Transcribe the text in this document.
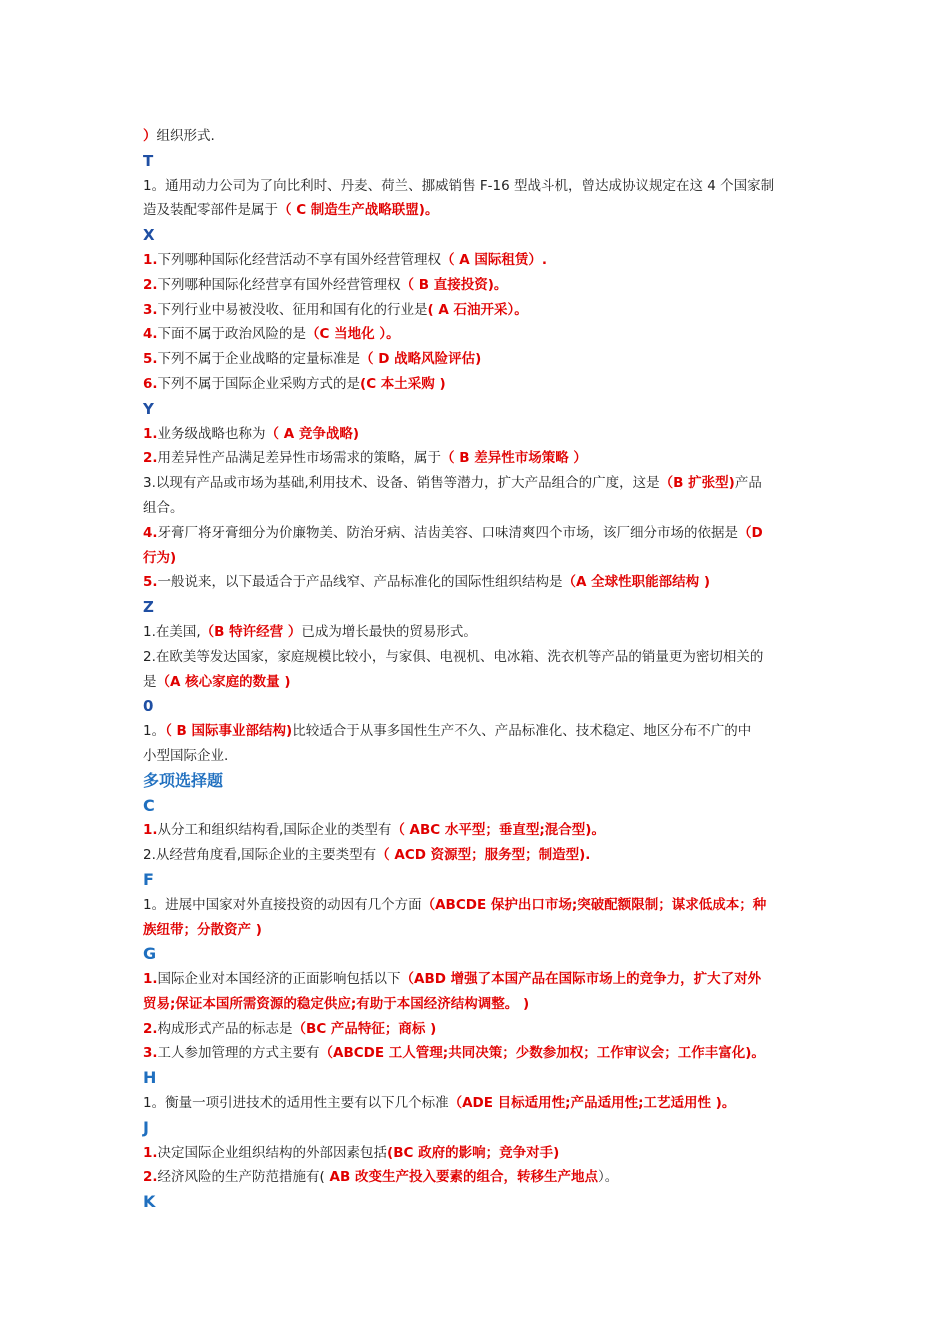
）组织形式.
T
1。通用动力公司为了向比利时、丹麦、荷兰、挪威销售 F-16 型战斗机，曾达成协议规定在这 4 个国家制
造及装配零部件是属于（ C 制造生产战略联盟)。
X
1.下列哪种国际化经营活动不享有国外经营管理权（ A 国际租赁）.
2.下列哪种国际化经营享有国外经营管理权（ B 直接投资)。
3.下列行业中易被没收、征用和国有化的行业是( A 石油开采）。
4.下面不属于政治风险的是（C 当地化 ）。
5.下列不属于企业战略的定量标准是（ D 战略风险评估)
6.下列不属于国际企业采购方式的是(C 本土采购 )
Y
1.业务级战略也称为（ A 竞争战略)
2.用差异性产品满足差异性市场需求的策略，属于（ B 差异性市场策略 ）
3.以现有产品或市场为基础,利用技术、设备、销售等潜力，扩大产品组合的广度，这是（B 扩张型)产品
组合。
4.牙膏厂将牙膏细分为价廉物美、防治牙病、洁齿美容、口味清爽四个市场，该厂细分市场的依据是（D
行为)
5.一般说来，以下最适合于产品线窄、产品标准化的国际性组织结构是（A 全球性职能部结构 )
Z
1.在美国,（B 特许经营 ）已成为增长最快的贸易形式。
2.在欧美等发达国家，家庭规模比较小，与家俱、电视机、电冰箱、洗衣机等产品的销量更为密切相关的
是（A 核心家庭的数量 )
0
1。（ B 国际事业部结构)比较适合于从事多国性生产不久、产品标准化、技术稳定、地区分布不广的中
小型国际企业.
多项选择题
C
1.从分工和组织结构看,国际企业的类型有（ ABC 水平型；垂直型;混合型)。
2.从经营角度看,国际企业的主要类型有（ ACD 资源型；服务型；制造型).
F
1。进展中国家对外直接投资的动因有几个方面（ABCDE 保护出口市场;突破配额限制；谋求低成本；种
族纽带；分散资产 )
G
1.国际企业对本国经济的正面影响包括以下（ABD 增强了本国产品在国际市场上的竞争力，扩大了对外
贸易;保证本国所需资源的稳定供应;有助于本国经济结构调整。 )
2.构成形式产品的标志是（BC 产品特征；商标 )
3.工人参加管理的方式主要有（ABCDE 工人管理;共同决策；少数参加权；工作审议会；工作丰富化)。
H
1。衡量一项引进技术的适用性主要有以下几个标准（ADE 目标适用性;产品适用性;工艺适用性 )。
J
1.决定国际企业组织结构的外部因素包括(BC 政府的影响；竞争对手)
2.经济风险的生产防范措施有( AB 改变生产投入要素的组合，转移生产地点）。
K
